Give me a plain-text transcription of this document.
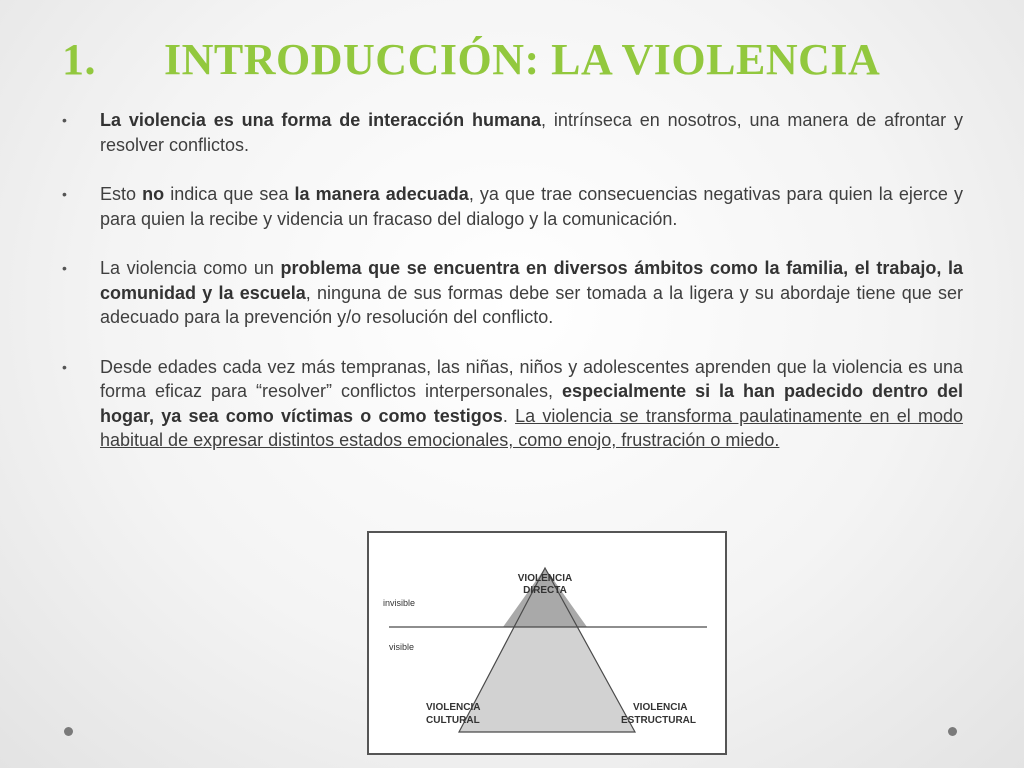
1. INTRODUCCIÓN: LA VIOLENCIA
• La violencia es una forma de interacción humana, intrínseca en nosotros, una manera de afrontar y resolver conflictos.
• Esto no indica que sea la manera adecuada, ya que trae consecuencias negativas para quien la ejerce y para quien la recibe y videncia un fracaso del dialogo y la comunicación.
• La violencia como un problema que se encuentra en diversos ámbitos como la familia, el trabajo, la comunidad y la escuela, ninguna de sus formas debe ser tomada a la ligera y su abordaje tiene que ser adecuado para la prevención y/o resolución del conflicto.
• Desde edades cada vez más tempranas, las niñas, niños y adolescentes aprenden que la violencia es una forma eficaz para “resolver” conflictos interpersonales, especialmente si la han padecido dentro del hogar, ya sea como víctimas o como testigos. La violencia se transforma paulatinamente en el modo habitual de expresar distintos estados emocionales, como enojo, frustración o miedo.
VIOLENCIA
DIRECTA
invisible
visible
VIOLENCIA
CULTURAL
VIOLENCIA
ESTRUCTURAL
